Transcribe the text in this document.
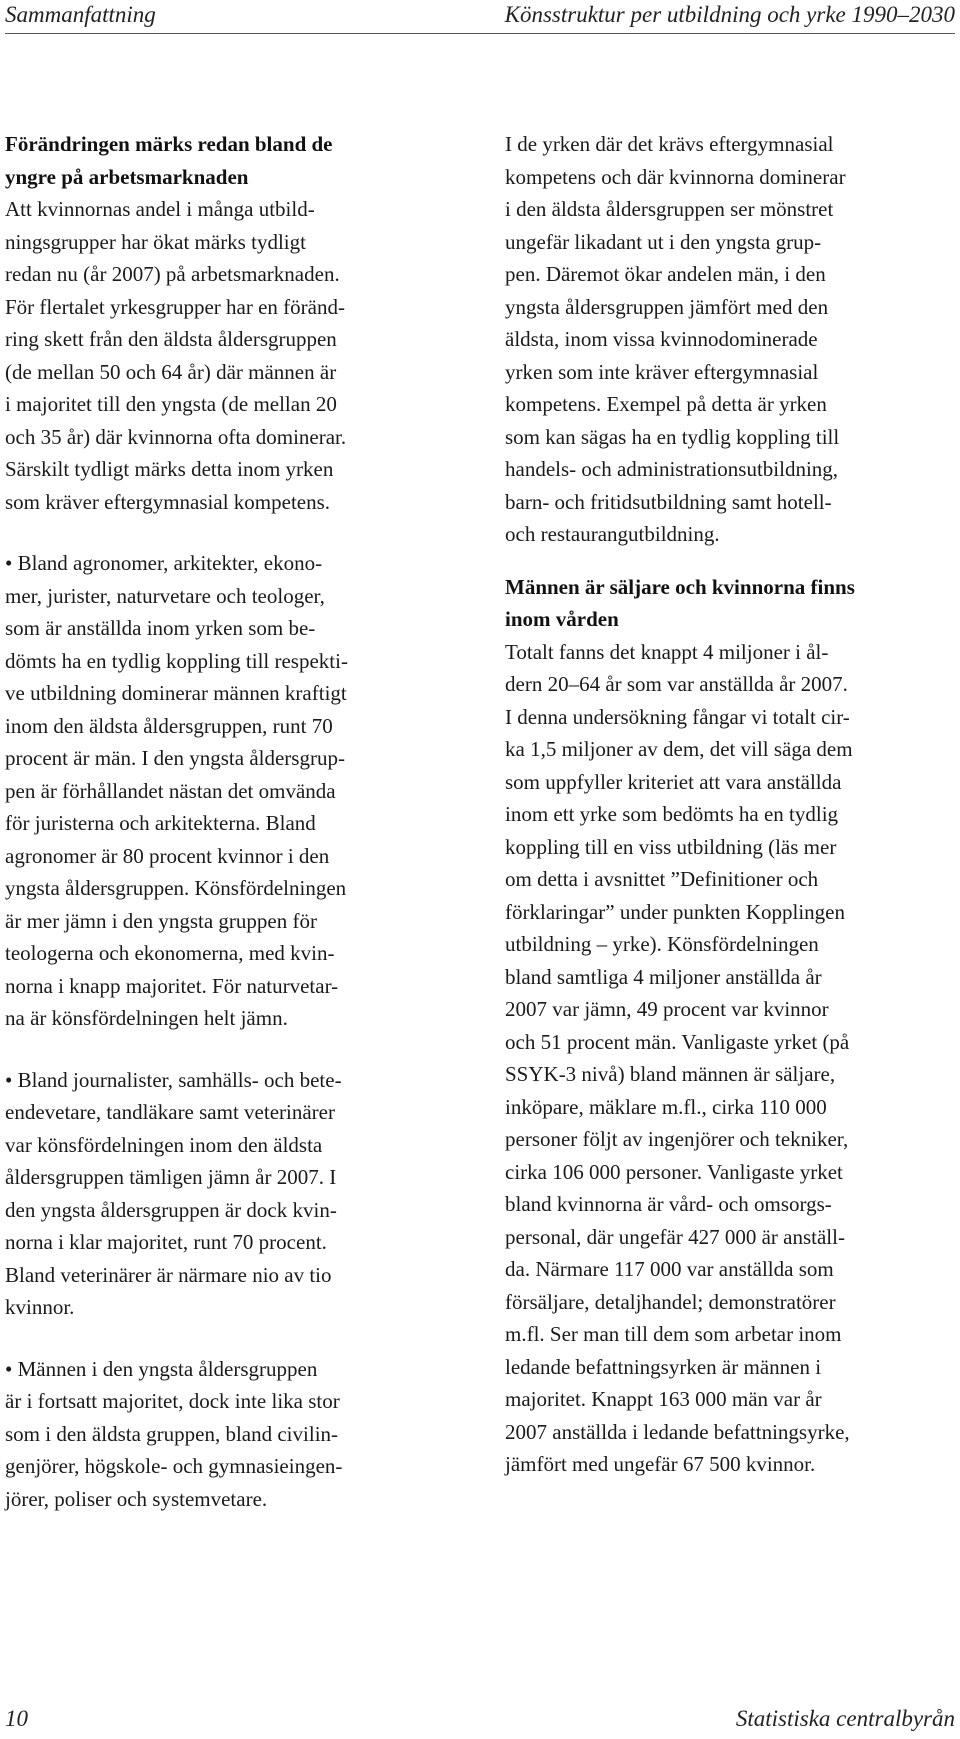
Sammanfattning	Könsstruktur per utbildning och yrke 1990–2030
Förändringen märks redan bland de
yngre på arbetsmarknaden
Att kvinnornas andel i många utbild-
ningsgrupper har ökat märks tydligt
redan nu (år 2007) på arbetsmarknaden.
För flertalet yrkesgrupper har en föränd-
ring skett från den äldsta åldersgruppen
(de mellan 50 och 64 år) där männen är
i majoritet till den yngsta (de mellan 20
och 35 år) där kvinnorna ofta dominerar.
Särskilt tydligt märks detta inom yrken
som kräver eftergymnasial kompetens.
• Bland agronomer, arkitekter, ekono-
mer, jurister, naturvetare och teologer,
som är anställda inom yrken som be-
dömts ha en tydlig koppling till respekti-
ve utbildning dominerar männen kraftigt
inom den äldsta åldersgruppen, runt 70
procent är män. I den yngsta åldersgrup-
pen är förhållandet nästan det omvända
för juristerna och arkitekterna. Bland
agronomer är 80 procent kvinnor i den
yngsta åldersgruppen. Könsfördelningen
är mer jämn i den yngsta gruppen för
teologerna och ekonomerna, med kvin-
norna i knapp majoritet. För naturvetar-
na är könsfördelningen helt jämn.
• Bland journalister, samhälls- och bete-
endevetare, tandläkare samt veterinärer
var könsfördelningen inom den äldsta
åldersgruppen tämligen jämn år 2007. I
den yngsta åldersgruppen är dock kvin-
norna i klar majoritet, runt 70 procent.
Bland veterinärer är närmare nio av tio
kvinnor.
• Männen i den yngsta åldersgruppen
är i fortsatt majoritet, dock inte lika stor
som i den äldsta gruppen, bland civilin-
genjörer, högskole- och gymnasieingen-
jörer, poliser och systemvetare.
I de yrken där det krävs eftergymnasial
kompetens och där kvinnorna dominerar
i den äldsta åldersgruppen ser mönstret
ungefär likadant ut i den yngsta grup-
pen. Däremot ökar andelen män, i den
yngsta åldersgruppen jämfört med den
äldsta, inom vissa kvinnodominerade
yrken som inte kräver eftergymnasial
kompetens. Exempel på detta är yrken
som kan sägas ha en tydlig koppling till
handels- och administrationsutbildning,
barn- och fritidsutbildning samt hotell-
och restaurangutbildning.
Männen är säljare och kvinnorna finns
inom vården
Totalt fanns det knappt 4 miljoner i ål-
dern 20–64 år som var anställda år 2007.
I denna undersökning fångar vi totalt cir-
ka 1,5 miljoner av dem, det vill säga dem
som uppfyller kriteriet att vara anställda
inom ett yrke som bedömts ha en tydlig
koppling till en viss utbildning (läs mer
om detta i avsnittet ”Definitioner och
förklaringar” under punkten Kopplingen
utbildning – yrke). Könsfördelningen
bland samtliga 4 miljoner anställda år
2007 var jämn, 49 procent var kvinnor
och 51 procent män. Vanligaste yrket (på
SSYK-3 nivå) bland männen är säljare,
inköpare, mäklare m.fl., cirka 110 000
personer följt av ingenjörer och tekniker,
cirka 106 000 personer. Vanligaste yrket
bland kvinnorna är vård- och omsorgs-
personal, där ungefär 427 000 är anställ-
da. Närmare 117 000 var anställda som
försäljare, detaljhandel; demonstratörer
m.fl. Ser man till dem som arbetar inom
ledande befattningsyrken är männen i
majoritet. Knappt 163 000 män var år
2007 anställda i ledande befattningsyrke,
jämfört med ungefär 67 500 kvinnor.
10	Statistiska centralbyrån
